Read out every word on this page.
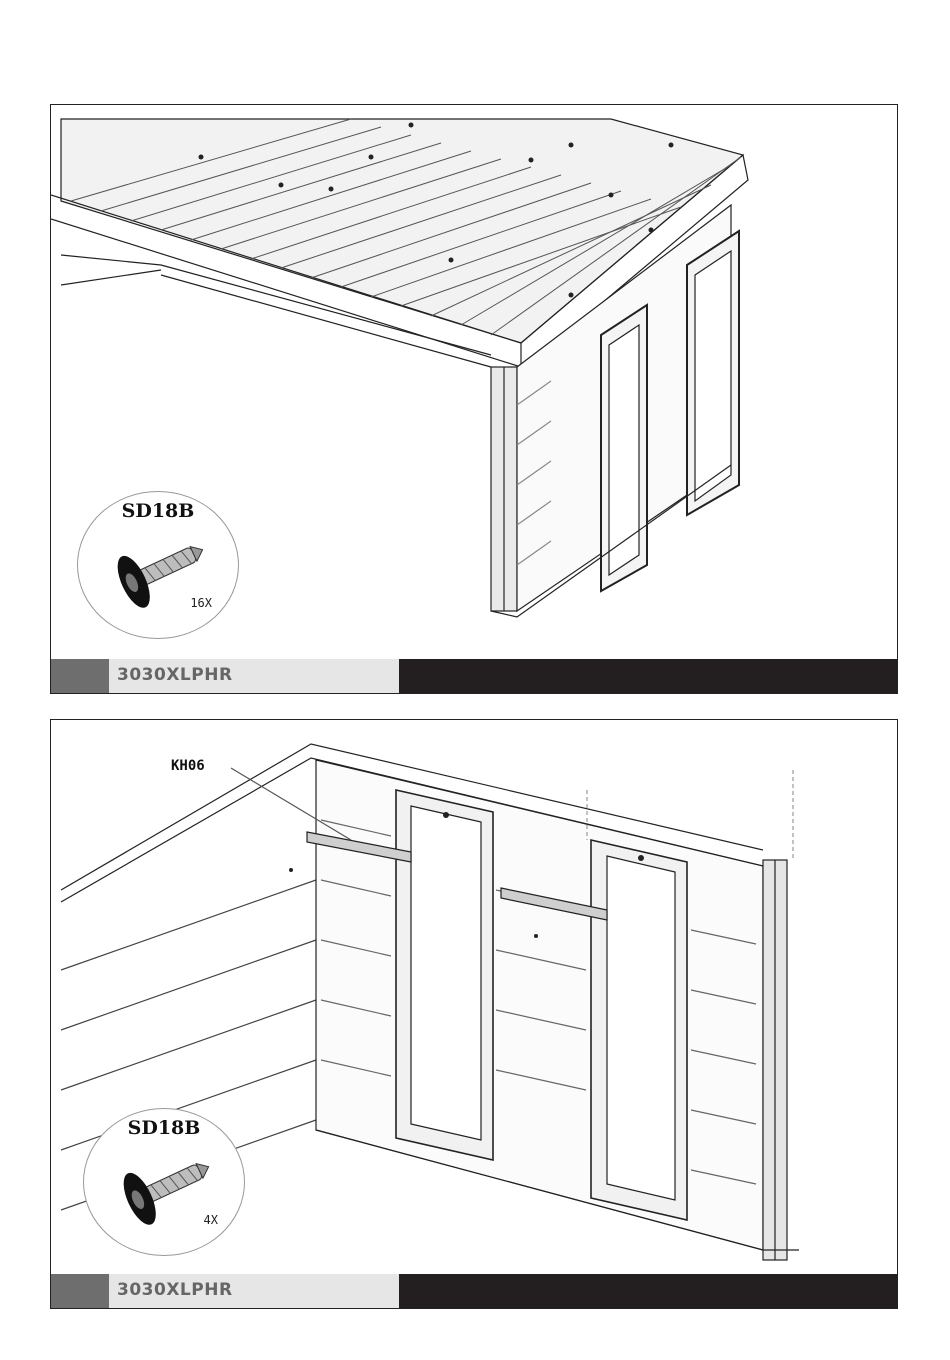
SD18B
16X
3030XLPHR
KH06
SD18B
4X
3030XLPHR
